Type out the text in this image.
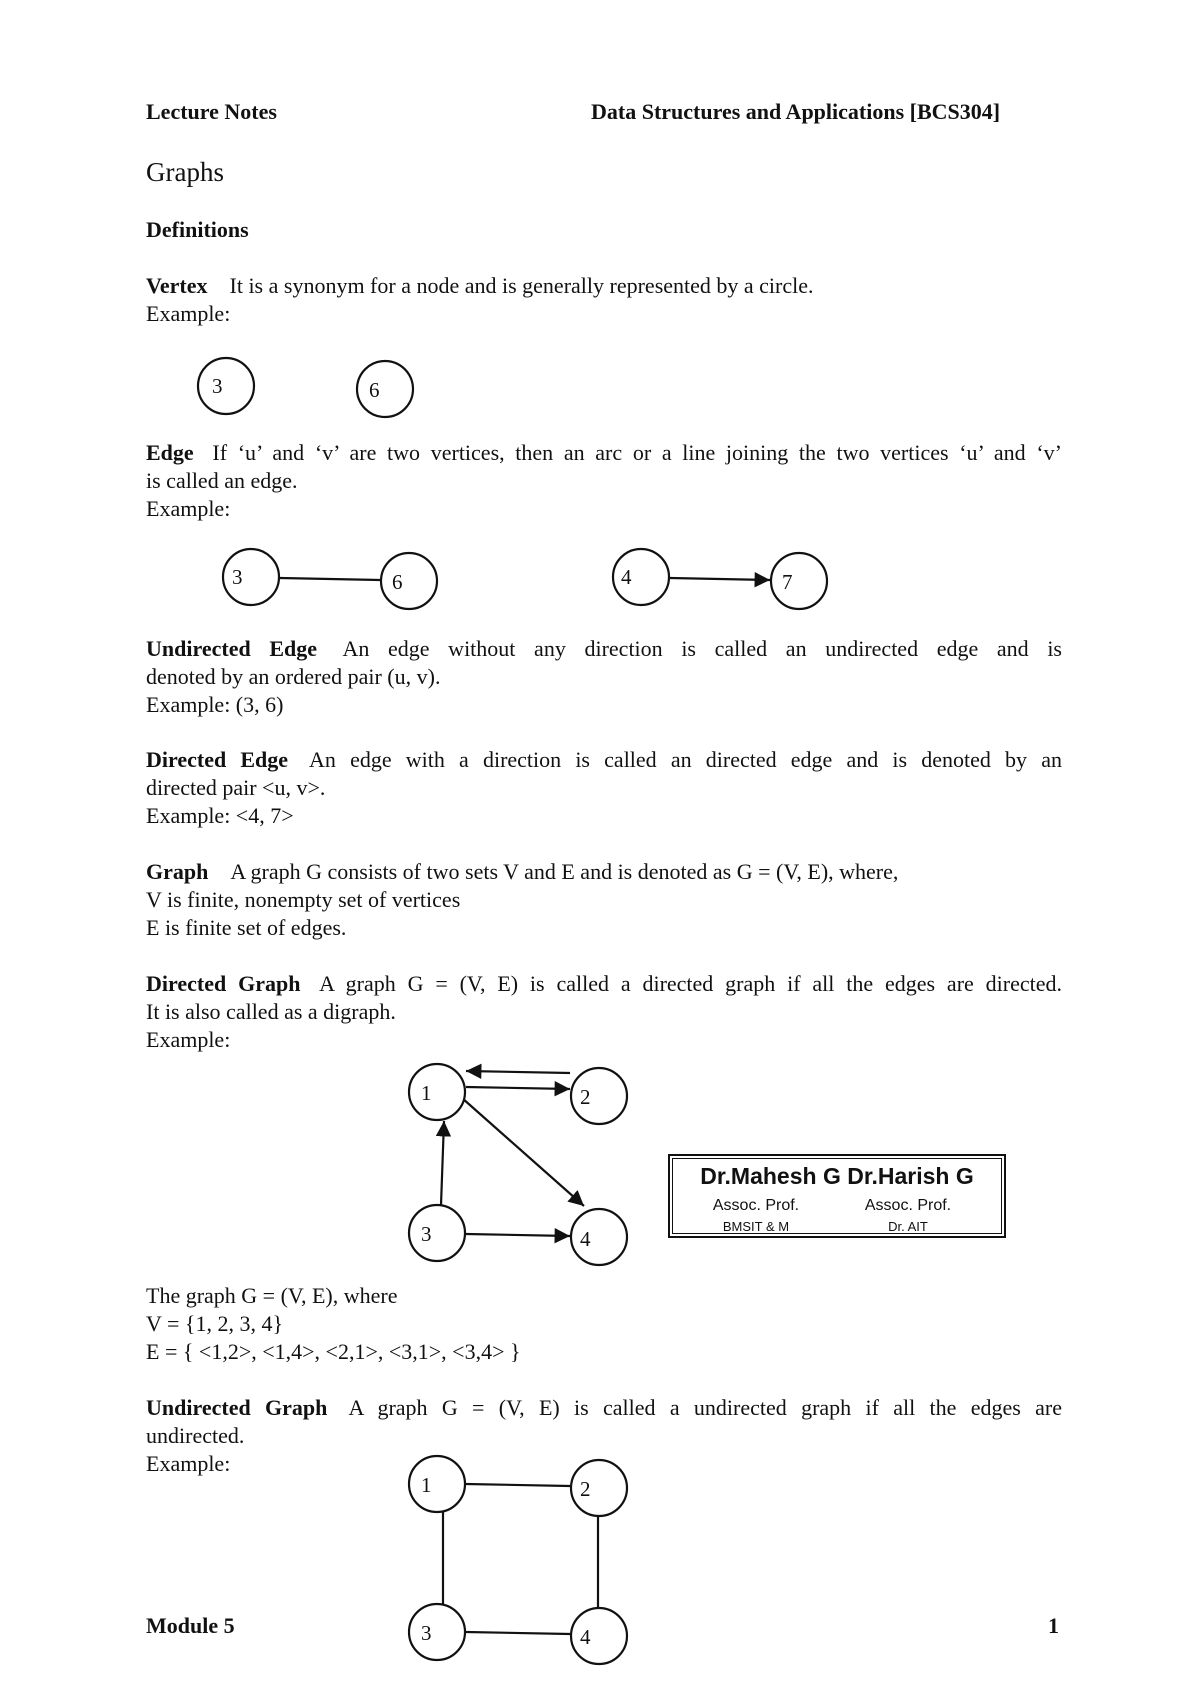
Lecture Notes	Data Structures and Applications [BCS304]
Graphs
Definitions
Vertex It is a synonym for a node and is generally represented by a circle.
Example:
Edge If ‘u’ and ‘v’ are two vertices, then an arc or a line joining the two vertices ‘u’ and ‘v’
is called an edge.
Example:
Undirected Edge An edge without any direction is called an undirected edge and is
denoted by an ordered pair (u, v).
Example: (3, 6)
Directed Edge An edge with a direction is called an directed edge and is denoted by an
directed pair <u, v>.
Example: <4, 7>
Graph A graph G consists of two sets V and E and is denoted as G = (V, E), where,
V is finite, nonempty set of vertices
E is finite set of edges.
Directed Graph A graph G = (V, E) is called a directed graph if all the edges are directed.
It is also called as a digraph.
Example:
The graph G = (V, E), where
V = {1, 2, 3, 4}
E = { <1,2>, <1,4>, <2,1>, <3,1>, <3,4> }
Undirected Graph A graph G = (V, E) is called a undirected graph if all the edges are
undirected.
Example:
Module 5	1
Dr.Mahesh G Dr.Harish G
Assoc. Prof.	Assoc. Prof.
BMSIT & M	Dr. AIT
3	6
3	6	4	7
1	2
3	4
1	2
3	4
